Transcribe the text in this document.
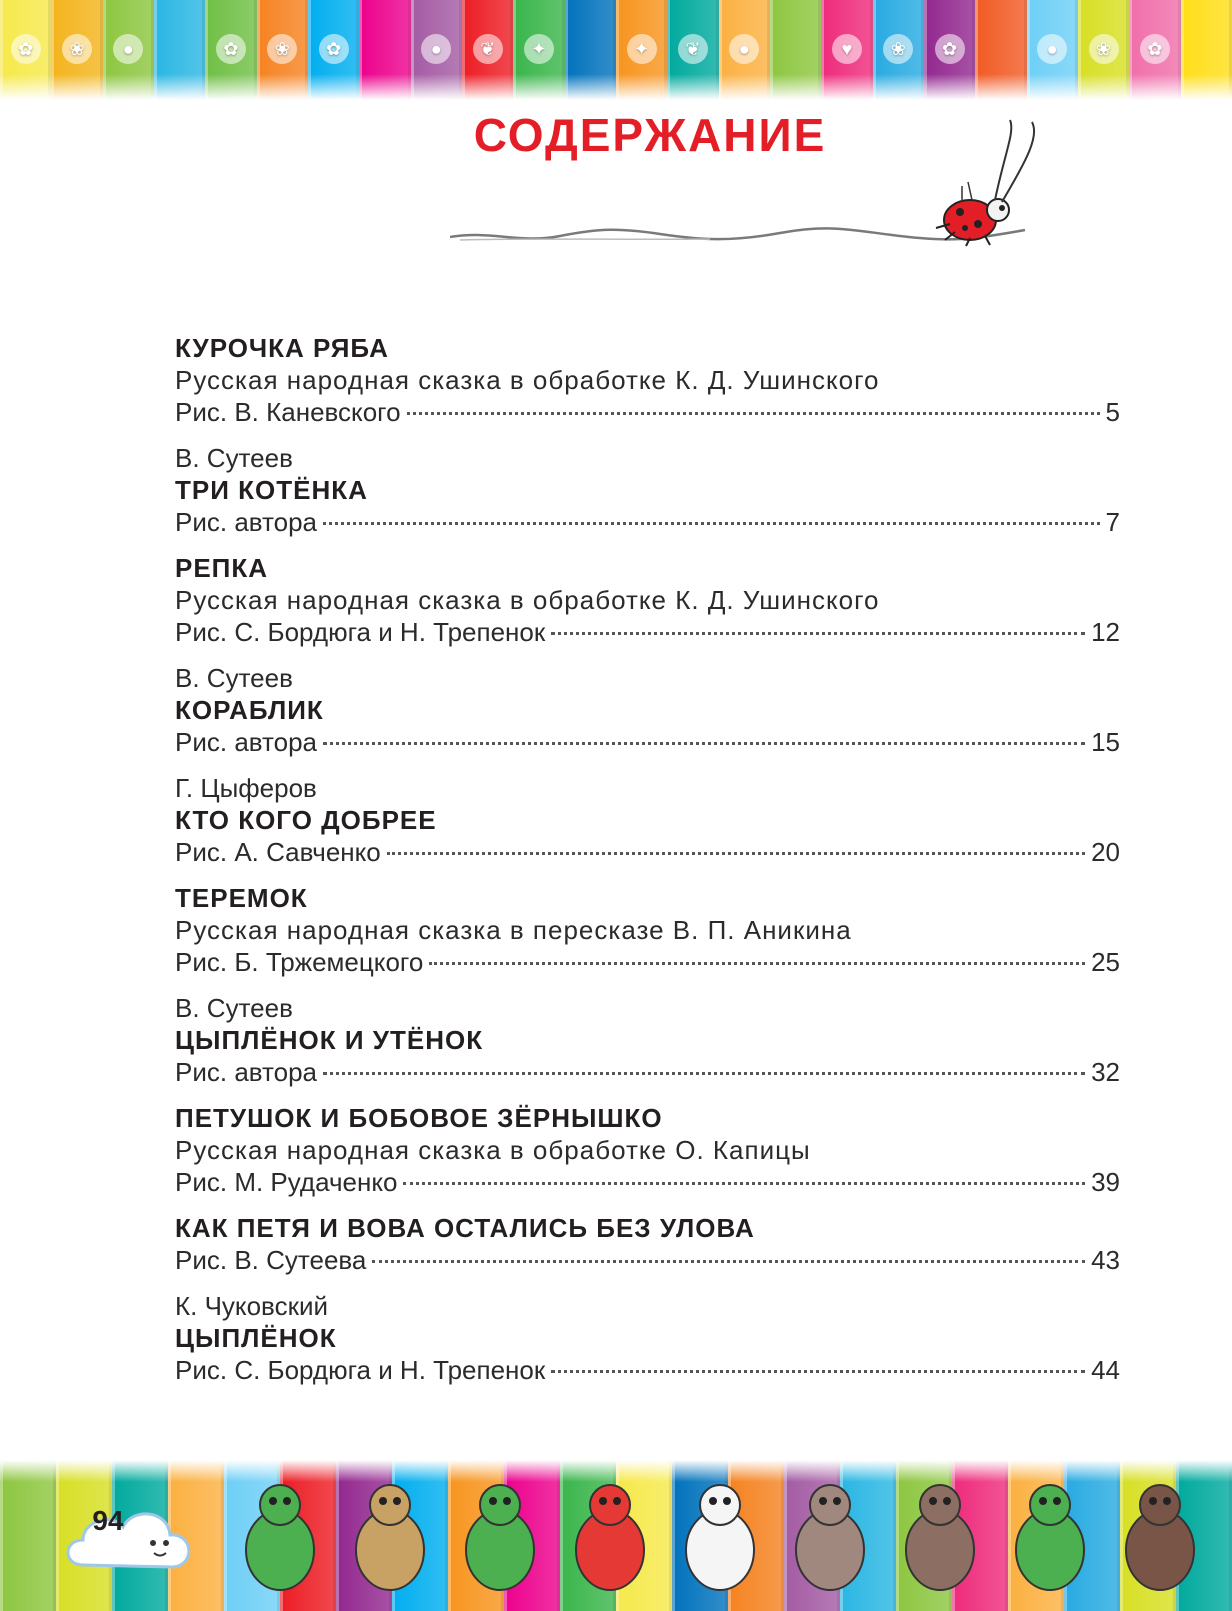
✿	❀	●	✿	❀	✿	●	❦	✦	✦	❦	●	♥	❀	✿	●	❀	✿
СОДЕРЖАНИЕ
КУРОЧКА РЯБА
Русская народная сказка в обработке К. Д. Ушинского
Рис. В. Каневского	5
В. Сутеев
ТРИ КОТЁНКА
Рис. автора	7
РЕПКА
Русская народная сказка в обработке К. Д. Ушинского
Рис. С. Бордюга и Н. Трепенок	12
В. Сутеев
КОРАБЛИК
Рис. автора	15
Г. Цыферов
КТО КОГО ДОБРЕЕ
Рис. А. Савченко	20
ТЕРЕМОК
Русская народная сказка в пересказе В. П. Аникина
Рис. Б. Тржемецкого	25
В. Сутеев
ЦЫПЛЁНОК И УТЁНОК
Рис. автора	32
ПЕТУШОК И БОБОВОЕ ЗЁРНЫШКО
Русская народная сказка в обработке О. Капицы
Рис. М. Рудаченко	39
КАК ПЕТЯ И ВОВА ОСТАЛИСЬ БЕЗ УЛОВА
Рис. В. Сутеева	43
К. Чуковский
ЦЫПЛЁНОК
Рис. С. Бордюга и Н. Трепенок	44
94
